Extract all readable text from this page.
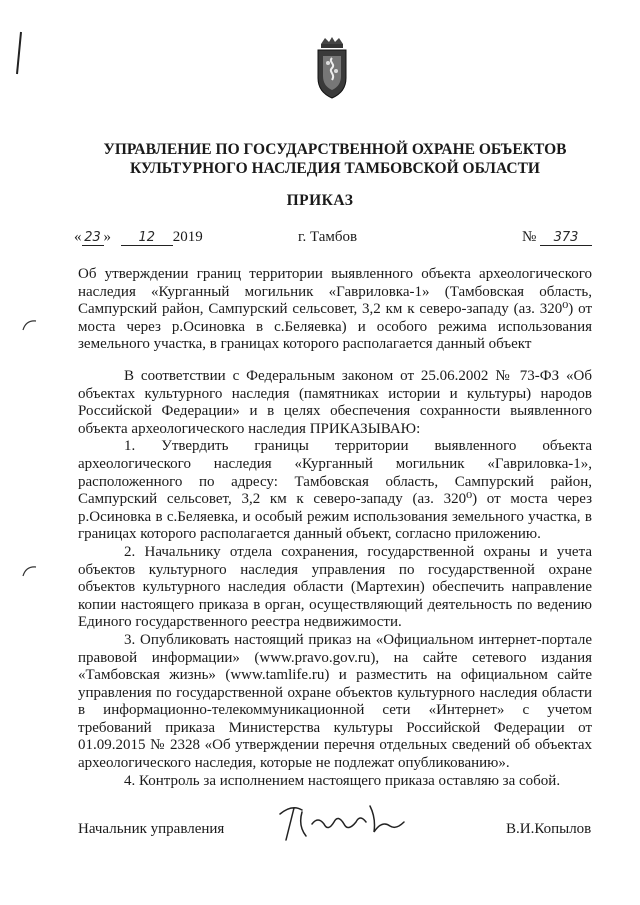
УПРАВЛЕНИЕ ПО ГОСУДАРСТВЕННОЙ ОХРАНЕ ОБЪЕКТОВ
КУЛЬТУРНОГО НАСЛЕДИЯ ТАМБОВСКОЙ ОБЛАСТИ
ПРИКАЗ
« 23 » 12 2019	г. Тамбов	№ 373

Об утверждении границ территории выявленного объекта археологического наследия «Курганный могильник «Гавриловка-1» (Тамбовская область, Сампурский район, Сампурский сельсовет, 3,2 км к северо-западу (аз. 320⁰) от моста через р.Осиновка в с.Беляевка) и особого режима использования земельного участка, в границах которого располагается данный объект

В соответствии с Федеральным законом от 25.06.2002 № 73-ФЗ «Об объектах культурного наследия (памятниках истории и культуры) народов Российской Федерации» и в целях обеспечения сохранности выявленного объекта археологического наследия ПРИКАЗЫВАЮ:

1. Утвердить границы территории выявленного объекта археологического наследия «Курганный могильник «Гавриловка-1», расположенного по адресу: Тамбовская область, Сампурский район, Сампурский сельсовет, 3,2 км к северо-западу (аз. 320⁰) от моста через р.Осиновка в с.Беляевка, и особый режим использования земельного участка, в границах которого располагается данный объект, согласно приложению.

2. Начальнику отдела сохранения, государственной охраны и учета объектов культурного наследия управления по государственной охране объектов культурного наследия области (Мартехин) обеспечить направление копии настоящего приказа в орган, осуществляющий деятельность по ведению Единого государственного реестра недвижимости.

3. Опубликовать настоящий приказ на «Официальном интернет-портале правовой информации» (www.pravo.gov.ru), на сайте сетевого издания «Тамбовская жизнь» (www.tamlife.ru) и разместить на официальном сайте управления по государственной охране объектов культурного наследия области в информационно-телекоммуникационной сети «Интернет» с учетом требований приказа Министерства культуры Российской Федерации от 01.09.2015 № 2328 «Об утверждении перечня отдельных сведений об объектах археологического наследия, которые не подлежат опубликованию».

4. Контроль за исполнением настоящего приказа оставляю за собой.

Начальник управления	В.И.Копылов
